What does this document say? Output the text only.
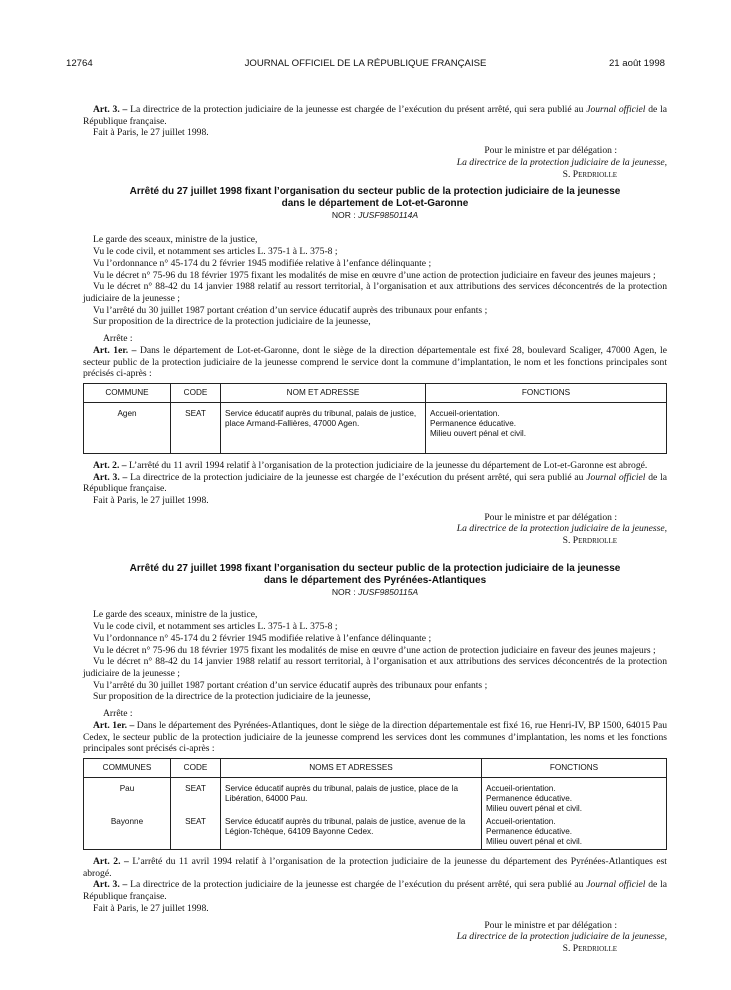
12764	JOURNAL OFFICIEL DE LA RÉPUBLIQUE FRANÇAISE	21 août 1998

Art. 3. – La directrice de la protection judiciaire de la jeunesse est chargée de l’exécution du présent arrêté, qui sera publié au Journal officiel de la République française.

Fait à Paris, le 27 juillet 1998.

Pour le ministre et par délégation :

La directrice de la protection judiciaire de la jeunesse,

S. Perdriolle

Arrêté du 27 juillet 1998 fixant l’organisation du secteur public de la protection judiciaire de la jeunesse
dans le département de Lot-et-Garonne
NOR : JUSF9850114A

Le garde des sceaux, ministre de la justice,

Vu le code civil, et notamment ses articles L. 375-1 à L. 375-8 ;

Vu l’ordonnance n° 45-174 du 2 février 1945 modifiée relative à l’enfance délinquante ;

Vu le décret n° 75-96 du 18 février 1975 fixant les modalités de mise en œuvre d’une action de protection judiciaire en faveur des jeunes majeurs ;

Vu le décret n° 88-42 du 14 janvier 1988 relatif au ressort territorial, à l’organisation et aux attributions des services déconcentrés de la protection judiciaire de la jeunesse ;

Vu l’arrêté du 30 juillet 1987 portant création d’un service éducatif auprès des tribunaux pour enfants ;

Sur proposition de la directrice de la protection judiciaire de la jeunesse,

Arrête :

Art. 1er. – Dans le département de Lot-et-Garonne, dont le siège de la direction départementale est fixé 28, boulevard Scaliger, 47000 Agen, le secteur public de la protection judiciaire de la jeunesse comprend le service dont la commune d’implantation, le nom et les fonctions principales sont précisés ci-après :

COMMUNE	CODE	NOM ET ADRESSE	FONCTIONS
Agen	SEAT	Service éducatif auprès du tribunal, palais de justice, place Armand-Fallières, 47000 Agen.	Accueil-orientation.
Permanence éducative.
Milieu ouvert pénal et civil.

Art. 2. – L’arrêté du 11 avril 1994 relatif à l’organisation de la protection judiciaire de la jeunesse du département de Lot-et-Garonne est abrogé.

Art. 3. – La directrice de la protection judiciaire de la jeunesse est chargée de l’exécution du présent arrêté, qui sera publié au Journal officiel de la République française.

Fait à Paris, le 27 juillet 1998.

Pour le ministre et par délégation :

La directrice de la protection judiciaire de la jeunesse,

S. Perdriolle

Arrêté du 27 juillet 1998 fixant l’organisation du secteur public de la protection judiciaire de la jeunesse
dans le département des Pyrénées-Atlantiques
NOR : JUSF9850115A

Le garde des sceaux, ministre de la justice,

Vu le code civil, et notamment ses articles L. 375-1 à L. 375-8 ;

Vu l’ordonnance n° 45-174 du 2 février 1945 modifiée relative à l’enfance délinquante ;

Vu le décret n° 75-96 du 18 février 1975 fixant les modalités de mise en œuvre d’une action de protection judiciaire en faveur des jeunes majeurs ;

Vu le décret n° 88-42 du 14 janvier 1988 relatif au ressort territorial, à l’organisation et aux attributions des services déconcentrés de la protection judiciaire de la jeunesse ;

Vu l’arrêté du 30 juillet 1987 portant création d’un service éducatif auprès des tribunaux pour enfants ;

Sur proposition de la directrice de la protection judiciaire de la jeunesse,

Arrête :

Art. 1er. – Dans le département des Pyrénées-Atlantiques, dont le siège de la direction départementale est fixé 16, rue Henri-IV, BP 1500, 64015 Pau Cedex, le secteur public de la protection judiciaire de la jeunesse comprend les services dont les communes d’implantation, les noms et les fonctions principales sont précisés ci-après :

COMMUNES	CODE	NOMS ET ADRESSES	FONCTIONS
Pau	SEAT	Service éducatif auprès du tribunal, palais de justice, place de la Libération, 64000 Pau.	Accueil-orientation.
Permanence éducative.
Milieu ouvert pénal et civil.

Bayonne	SEAT	Service éducatif auprès du tribunal, palais de justice, avenue de la Légion-Tchèque, 64109 Bayonne Cedex.	Accueil-orientation.
Permanence éducative.
Milieu ouvert pénal et civil.

Art. 2. – L’arrêté du 11 avril 1994 relatif à l’organisation de la protection judiciaire de la jeunesse du département des Pyrénées-Atlantiques est abrogé.

Art. 3. – La directrice de la protection judiciaire de la jeunesse est chargée de l’exécution du présent arrêté, qui sera publié au Journal officiel de la République française.

Fait à Paris, le 27 juillet 1998.

Pour le ministre et par délégation :

La directrice de la protection judiciaire de la jeunesse,

S. Perdriolle
